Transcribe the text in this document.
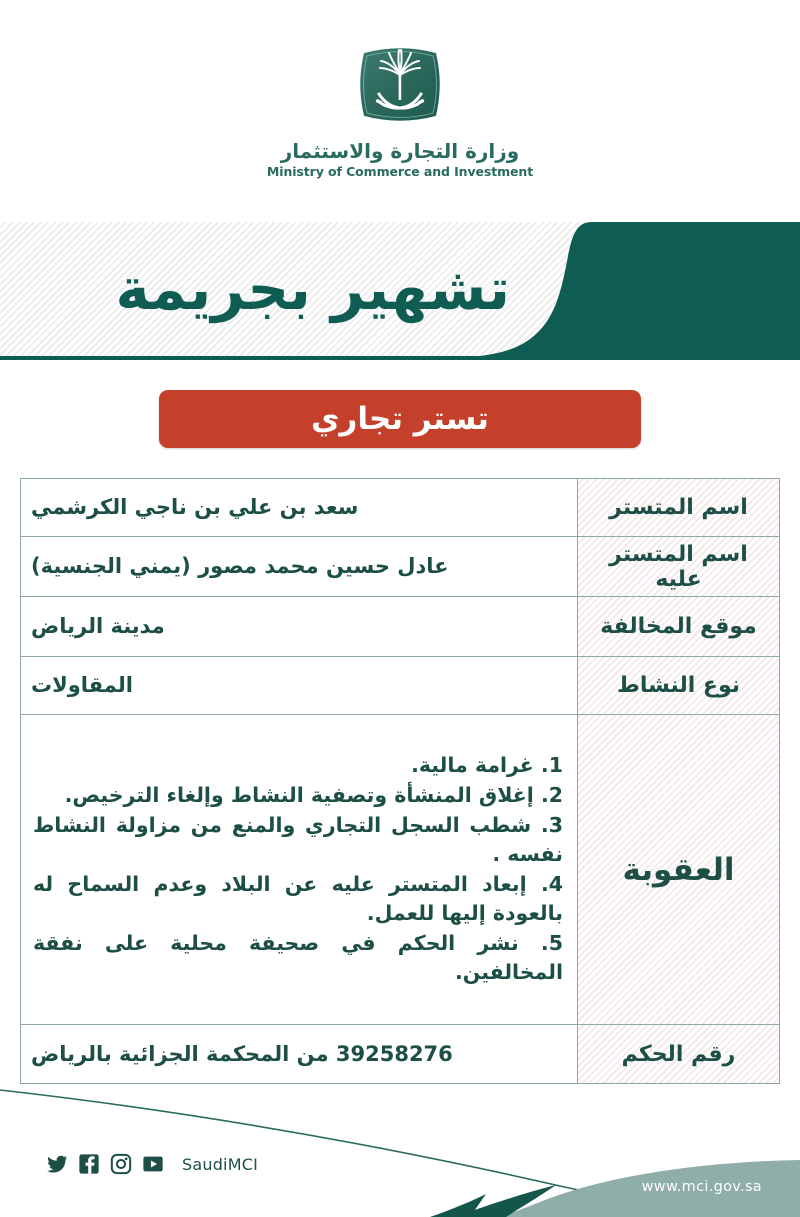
وزارة التجارة والاستثمار
Ministry of Commerce and Investment
تشهير بجريمة
تستر تجاري
اسم المتستر
سعد بن علي بن ناجي الكرشمي
اسم المتستر عليه
عادل حسين محمد مصور (يمني الجنسية)
موقع المخالفة
مدينة الرياض
نوع النشاط
المقاولات
العقوبة
1. غرامة مالية.
2. إغلاق المنشأة وتصفية النشاط وإلغاء الترخيص.
3. شطب السجل التجاري والمنع من مزاولة النشاط نفسه .
4. إبعاد المتستر عليه عن البلاد وعدم السماح له بالعودة إليها للعمل.
5. نشر الحكم في صحيفة محلية على نفقة المخالفين.
رقم الحكم
39258276 من المحكمة الجزائية بالرياض
SaudiMCI
www.mci.gov.sa
